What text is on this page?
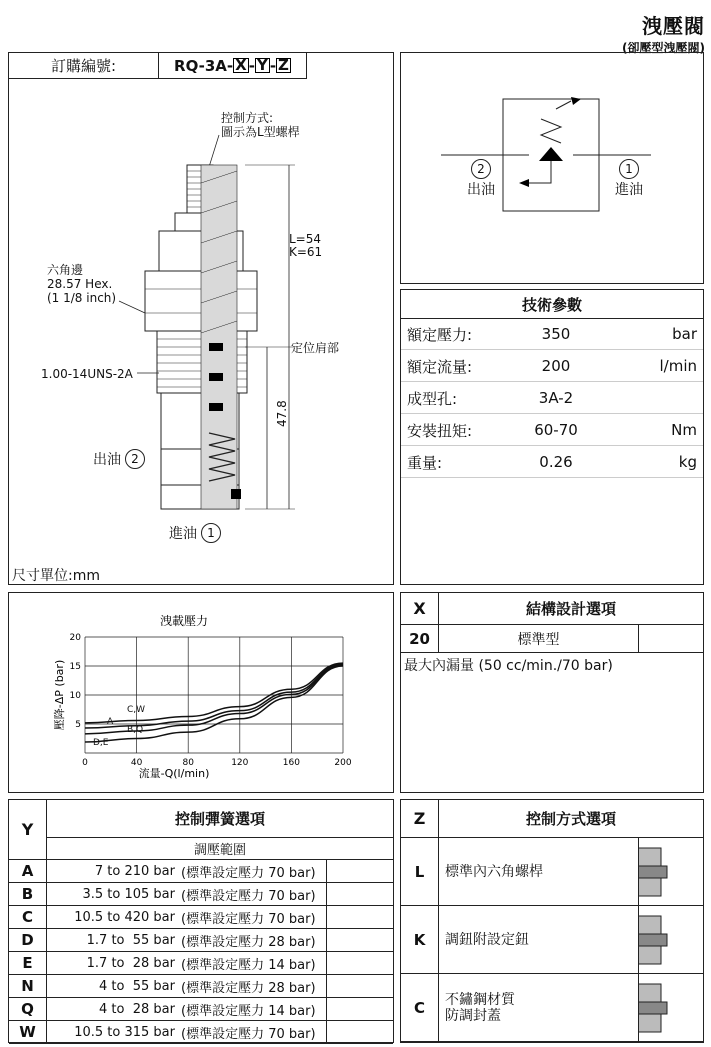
洩壓閥
(卻壓型洩壓閥)
訂購編號:	RQ-3A- X - Y - Z
控制方式:
圖示為L型螺桿
六角邊
28.57 Hex.
(1 1/8 inch)
1.00-14UNS-2A
L=54
K=61
定位肩部
47.8
出油 2
進油 1
尺寸單位:mm
2
出油
1
進油
技術參數
額定壓力:	350	bar
額定流量:	200	l/min
成型孔:	3A-2
安裝扭矩:	60-70	Nm
重量:	0.26	kg
0	40	80	120	160	200
5
10
15
20
洩載壓力
流量-Q(l/min)
壓降-ΔP (bar)	C,W
A
B,Q
D,E
X	結構設計選項
20	標準型
最大內漏量 (50 cc/min./70 bar)
Y
控制彈簧選項
調壓範圍
A	7 to 210 bar (標準設定壓力 70 bar)
B	3.5 to 105 bar (標準設定壓力 70 bar)
C	10.5 to 420 bar (標準設定壓力 70 bar)
D	1.7 to  55 bar (標準設定壓力 28 bar)
E	1.7 to  28 bar (標準設定壓力 14 bar)
N	4 to  55 bar (標準設定壓力 28 bar)
Q	4 to  28 bar (標準設定壓力 14 bar)
W	10.5 to 315 bar (標準設定壓力 70 bar)
Z	控制方式選項
L	標準內六角螺桿
K	調鈕附設定鈕
C	不鏽鋼材質
防調封蓋
